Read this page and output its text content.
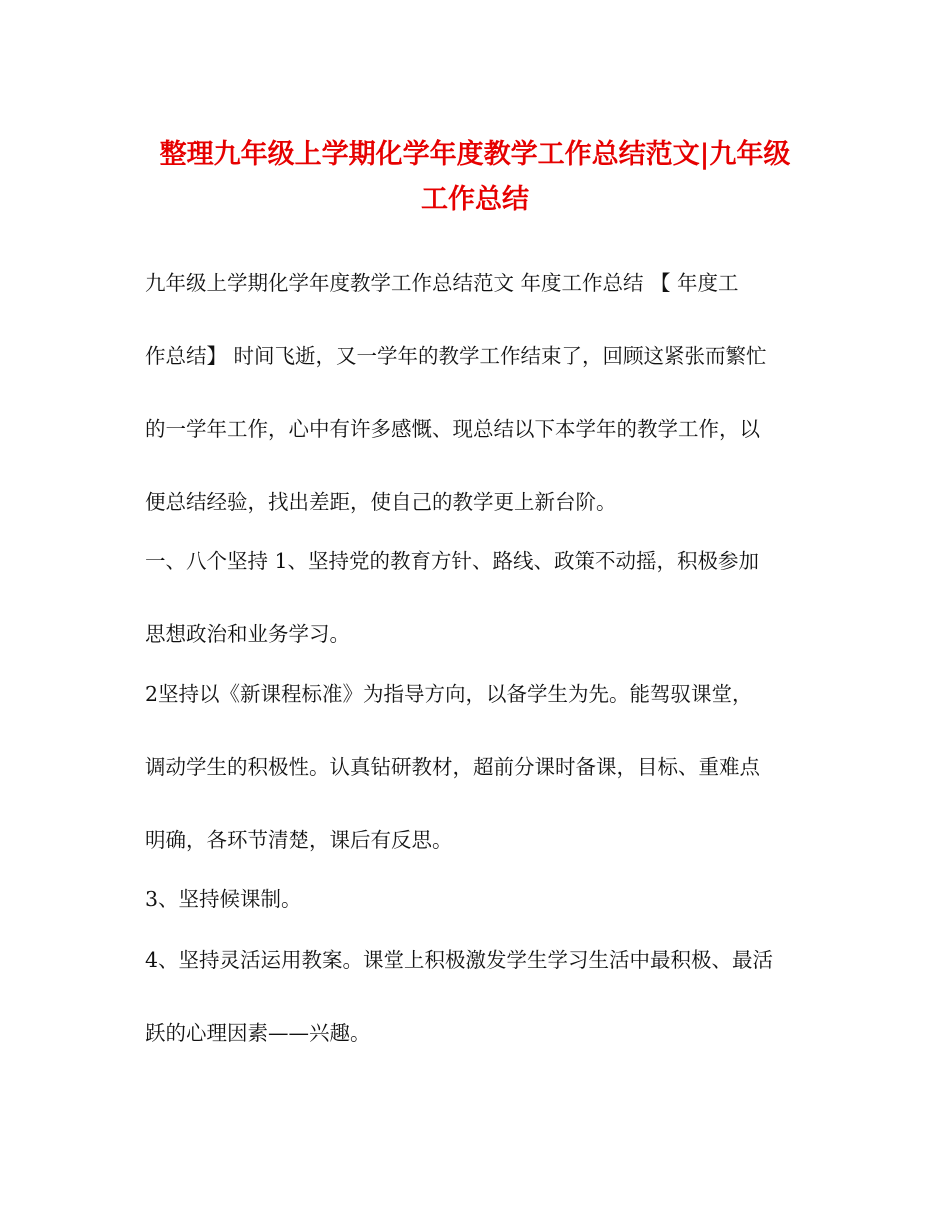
整理九年级上学期化学年度教学工作总结范文|九年级
工作总结
九年级上学期化学年度教学工作总结范文 年度工作总结 【 年度工
作总结】 时间飞逝，又一学年的教学工作结束了，回顾这紧张而繁忙
的一学年工作，心中有许多感慨、现总结以下本学年的教学工作，以
便总结经验，找出差距，使自己的教学更上新台阶。
一、八个坚持 1、坚持党的教育方针、路线、政策不动摇，积极参加
思想政治和业务学习。
2坚持以《新课程标准》为指导方向，以备学生为先。能驾驭课堂，
调动学生的积极性。认真钻研教材，超前分课时备课，目标、重难点
明确，各环节清楚，课后有反思。
3、坚持候课制。
4、坚持灵活运用教案。课堂上积极激发学生学习生活中最积极、最活
跃的心理因素——兴趣。
